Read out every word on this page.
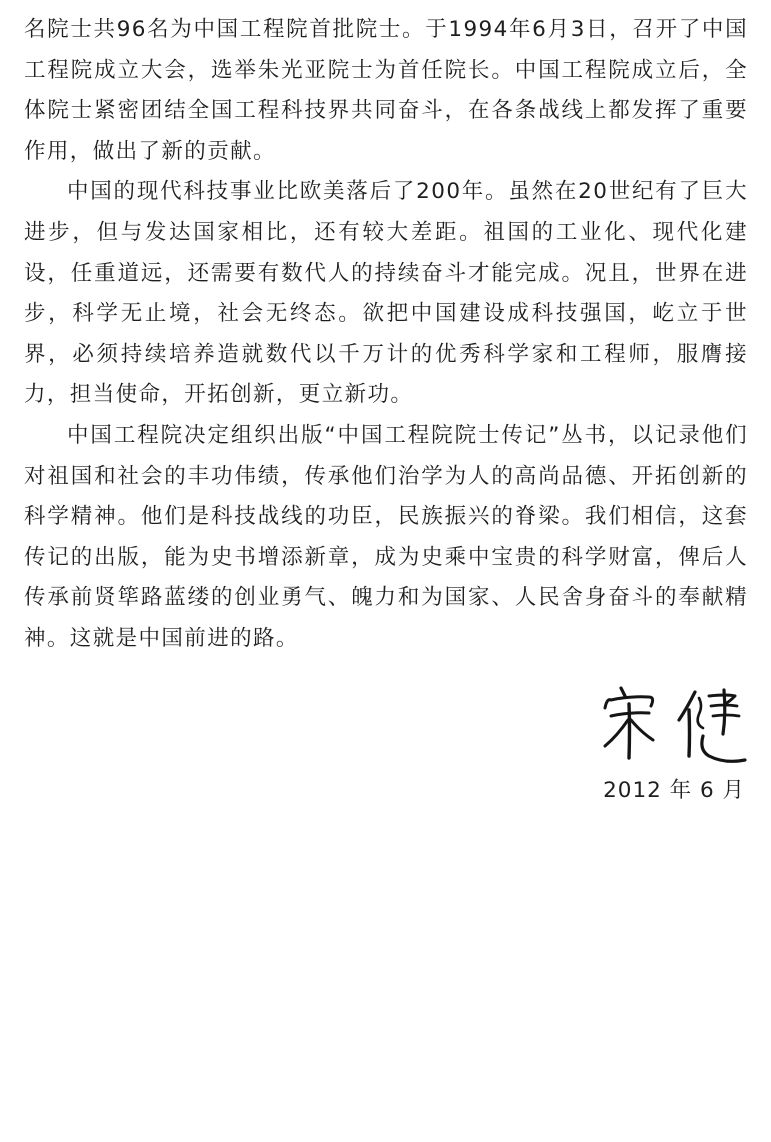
名院士共96名为中国工程院首批院士。于1994年6月3日，召开了中国工程院成立大会，选举朱光亚院士为首任院长。中国工程院成立后，全体院士紧密团结全国工程科技界共同奋斗，在各条战线上都发挥了重要作用，做出了新的贡献。

中国的现代科技事业比欧美落后了200年。虽然在20世纪有了巨大进步，但与发达国家相比，还有较大差距。祖国的工业化、现代化建设，任重道远，还需要有数代人的持续奋斗才能完成。况且，世界在进步，科学无止境，社会无终态。欲把中国建设成科技强国，屹立于世界，必须持续培养造就数代以千万计的优秀科学家和工程师，服膺接力，担当使命，开拓创新，更立新功。

中国工程院决定组织出版“中国工程院院士传记”丛书，以记录他们对祖国和社会的丰功伟绩，传承他们治学为人的高尚品德、开拓创新的科学精神。他们是科技战线的功臣，民族振兴的脊梁。我们相信，这套传记的出版，能为史书增添新章，成为史乘中宝贵的科学财富，俾后人传承前贤筚路蓝缕的创业勇气、魄力和为国家、人民舍身奋斗的奉献精神。这就是中国前进的路。

2012 年 6 月
